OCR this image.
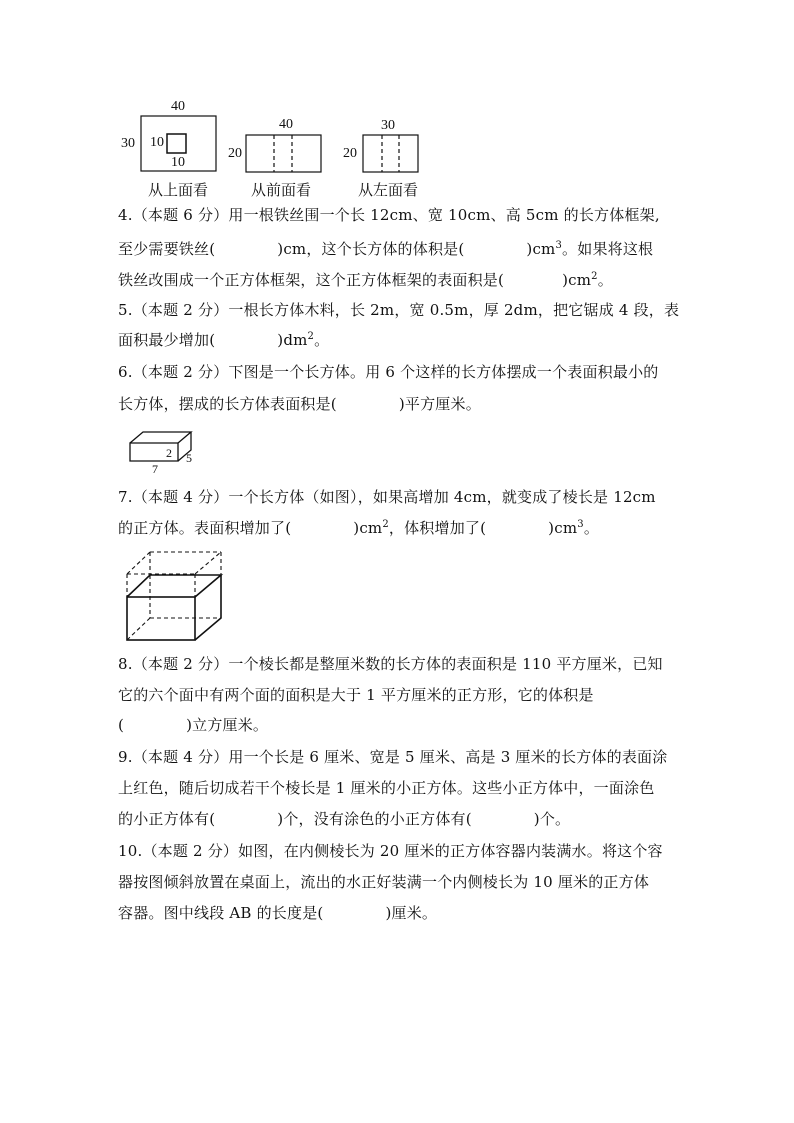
40
30 10
10
从上面看
40
20
从前面看
30
20
从左面看
4.（本题 6 分）用一根铁丝围一个长 12cm、宽 10cm、高 5cm 的长方体框架,
至少需要铁丝(	)cm，这个长方体的体积是(	)$cm^3$。如果将这根
铁丝改围成一个正方体框架，这个正方体框架的表面积是(	)$cm^2$。
5.（本题 2 分）一根长方体木料，长 2m，宽 0.5m，厚 2dm，把它锯成 4 段，表
面积最少增加(	)$dm^2$。
6.（本题 2 分）下图是一个长方体。用 6 个这样的长方体摆成一个表面积最小的
长方体，摆成的长方体表面积是(	)平方厘米。
2 5
7
7.（本题 4 分）一个长方体（如图），如果高增加 4cm，就变成了棱长是 12cm
的正方体。表面积增加了(	)$cm^2$，体积增加了(	)$cm^3$。
8.（本题 2 分）一个棱长都是整厘米数的长方体的表面积是 110 平方厘米，已知
它的六个面中有两个面的面积是大于 1 平方厘米的正方形，它的体积是
(	)立方厘米。
9.（本题 4 分）用一个长是 6 厘米、宽是 5 厘米、高是 3 厘米的长方体的表面涂
上红色，随后切成若干个棱长是 1 厘米的小正方体。这些小正方体中，一面涂色
的小正方体有(	)个，没有涂色的小正方体有(	)个。
10.（本题 2 分）如图，在内侧棱长为 20 厘米的正方体容器内装满水。将这个容
器按图倾斜放置在桌面上，流出的水正好装满一个内侧棱长为 10 厘米的正方体
容器。图中线段 AB 的长度是(	)厘米。
